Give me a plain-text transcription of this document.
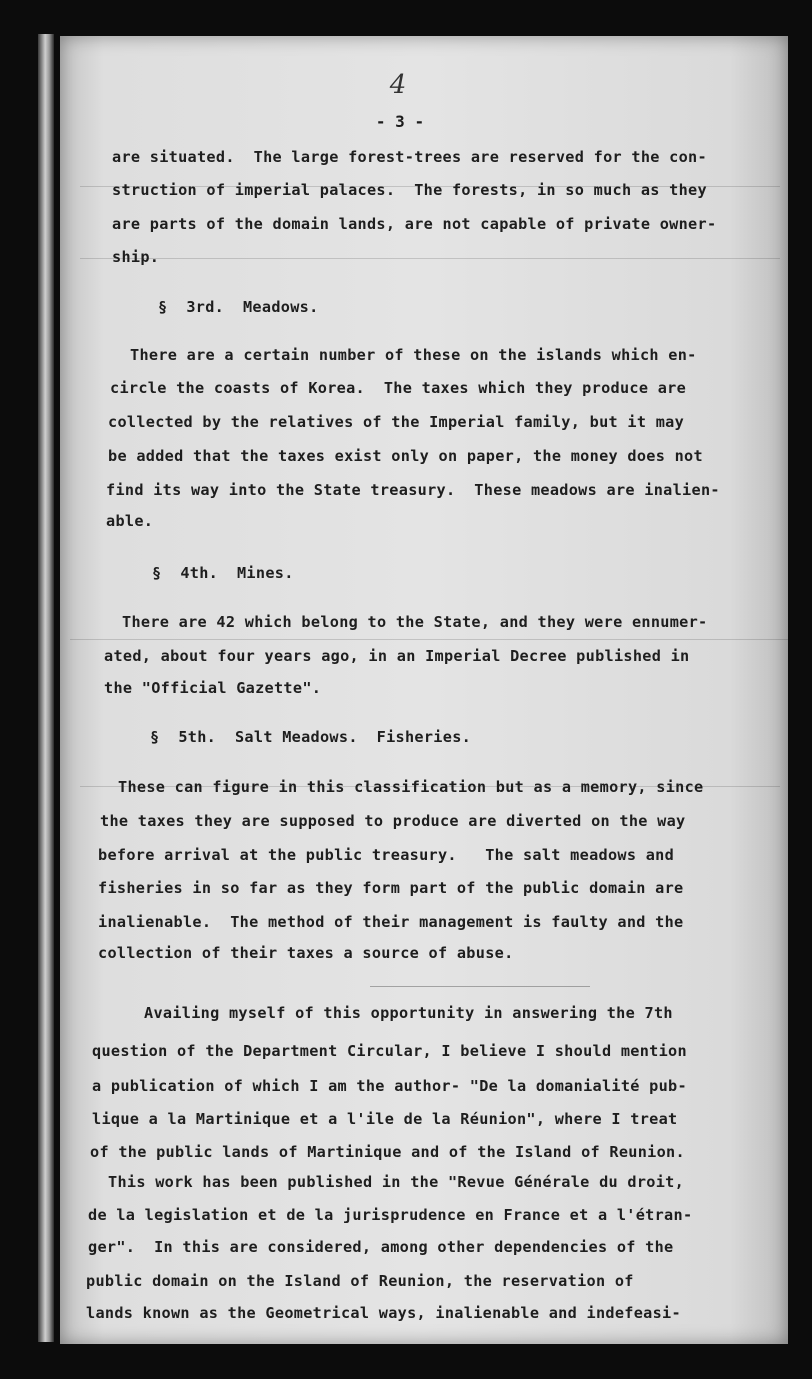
4
- 3 -
are situated.  The large forest-trees are reserved for the con-
struction of imperial palaces.  The forests, in so much as they
are parts of the domain lands, are not capable of private owner-
ship.
§  3rd.  Meadows.
There are a certain number of these on the islands which en-
circle the coasts of Korea.  The taxes which they produce are
collected by the relatives of the Imperial family, but it may
be added that the taxes exist only on paper, the money does not
find its way into the State treasury.  These meadows are inalien-
able.
§  4th.  Mines.
There are 42 which belong to the State, and they were ennumer-
ated, about four years ago, in an Imperial Decree published in
the "Official Gazette".
§  5th.  Salt Meadows.  Fisheries.
These can figure in this classification but as a memory, since
the taxes they are supposed to produce are diverted on the way
before arrival at the public treasury.   The salt meadows and
fisheries in so far as they form part of the public domain are
inalienable.  The method of their management is faulty and the
collection of their taxes a source of abuse.
Availing myself of this opportunity in answering the 7th
question of the Department Circular, I believe I should mention
a publication of which I am the author- "De la domanialité pub-
lique a la Martinique et a l'ile de la Réunion", where I treat
of the public lands of Martinique and of the Island of Reunion.
This work has been published in the "Revue Générale du droit,
de la legislation et de la jurisprudence en France et a l'étran-
ger".  In this are considered, among other dependencies of the
public domain on the Island of Reunion, the reservation of
lands known as the Geometrical ways, inalienable and indefeasi-
